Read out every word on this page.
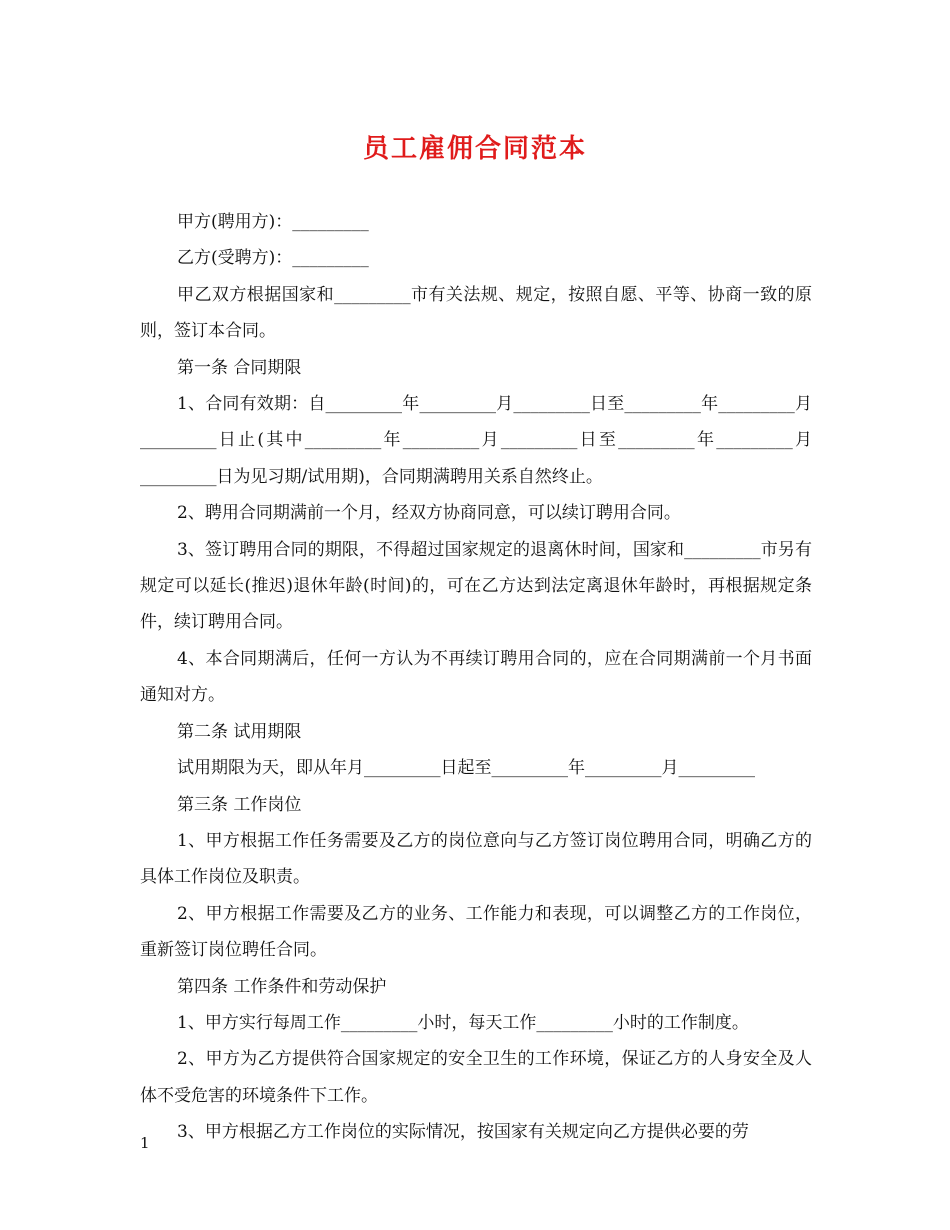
员工雇佣合同范本

甲方(聘用方)：_________

乙方(受聘方)：_________

甲乙双方根据国家和_________市有关法规、规定，按照自愿、平等、协商一致的原则，签订本合同。

第一条 合同期限

1、合同有效期：自_________年_________月_________日至_________年_________月_________日止(其中_________年_________月_________日至_________年_________月_________日为见习期/试用期)，合同期满聘用关系自然终止。

2、聘用合同期满前一个月，经双方协商同意，可以续订聘用合同。

3、签订聘用合同的期限，不得超过国家规定的退离休时间，国家和_________市另有规定可以延长(推迟)退休年龄(时间)的，可在乙方达到法定离退休年龄时，再根据规定条件，续订聘用合同。

4、本合同期满后，任何一方认为不再续订聘用合同的，应在合同期满前一个月书面通知对方。

第二条 试用期限

试用期限为天，即从年月_________日起至_________年_________月_________

第三条 工作岗位

1、甲方根据工作任务需要及乙方的岗位意向与乙方签订岗位聘用合同，明确乙方的具体工作岗位及职责。

2、甲方根据工作需要及乙方的业务、工作能力和表现，可以调整乙方的工作岗位，重新签订岗位聘任合同。

第四条 工作条件和劳动保护

1、甲方实行每周工作_________小时，每天工作_________小时的工作制度。

2、甲方为乙方提供符合国家规定的安全卫生的工作环境，保证乙方的人身安全及人体不受危害的环境条件下工作。

3、甲方根据乙方工作岗位的实际情况，按国家有关规定向乙方提供必要的劳

1
